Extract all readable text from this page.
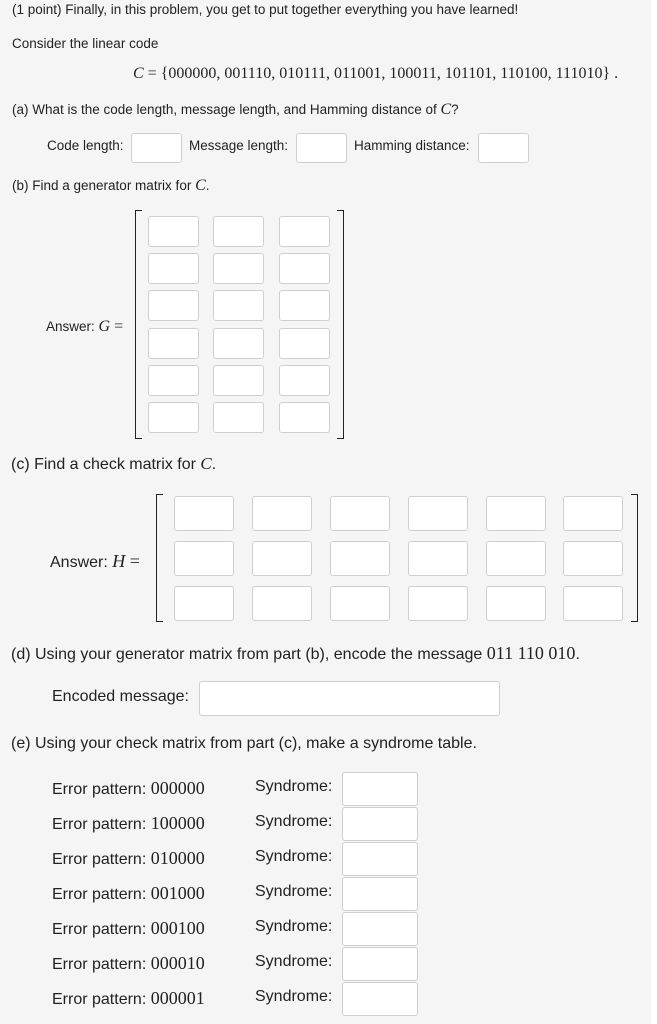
(1 point) Finally, in this problem, you get to put together everything you have learned!
Consider the linear code
C = {000000, 001110, 010111, 011001, 100011, 101101, 110100, 111010} .
(a) What is the code length, message length, and Hamming distance of C?
Code length:	Message length:	Hamming distance:
(b) Find a generator matrix for C.
Answer: G =
(c) Find a check matrix for C.
Answer: H =
(d) Using your generator matrix from part (b), encode the message 011 110 010.
Encoded message:
(e) Using your check matrix from part (c), make a syndrome table.
Error pattern: 000000	Syndrome:
Error pattern: 100000	Syndrome:
Error pattern: 010000	Syndrome:
Error pattern: 001000	Syndrome:
Error pattern: 000100	Syndrome:
Error pattern: 000010	Syndrome:
Error pattern: 000001	Syndrome:
